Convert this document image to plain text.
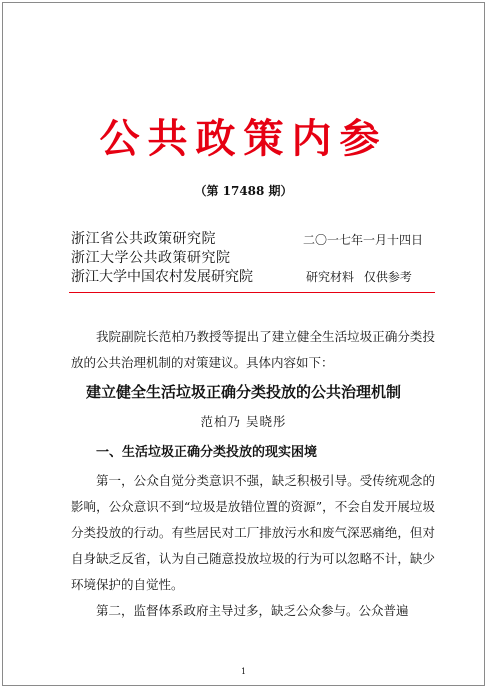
公共政策内参
（第 17488 期）
浙江省公共政策研究院
浙江大学公共政策研究院
浙江大学中国农村发展研究院
二〇一七年一月十四日
研究材料 仅供参考

我院副院长范柏乃教授等提出了建立健全生活垃圾正确分类投放的公共治理机制的对策建议。具体内容如下：

建立健全生活垃圾正确分类投放的公共治理机制
范柏乃 吴晓彤
一、生活垃圾正确分类投放的现实困境

第一，公众自觉分类意识不强，缺乏积极引导。受传统观念的影响，公众意识不到“垃圾是放错位置的资源”，不会自发开展垃圾分类投放的行动。有些居民对工厂排放污水和废气深恶痛绝，但对自身缺乏反省，认为自己随意投放垃圾的行为可以忽略不计，缺少环境保护的自觉性。

第二，监督体系政府主导过多，缺乏公众参与。公众普遍

1
